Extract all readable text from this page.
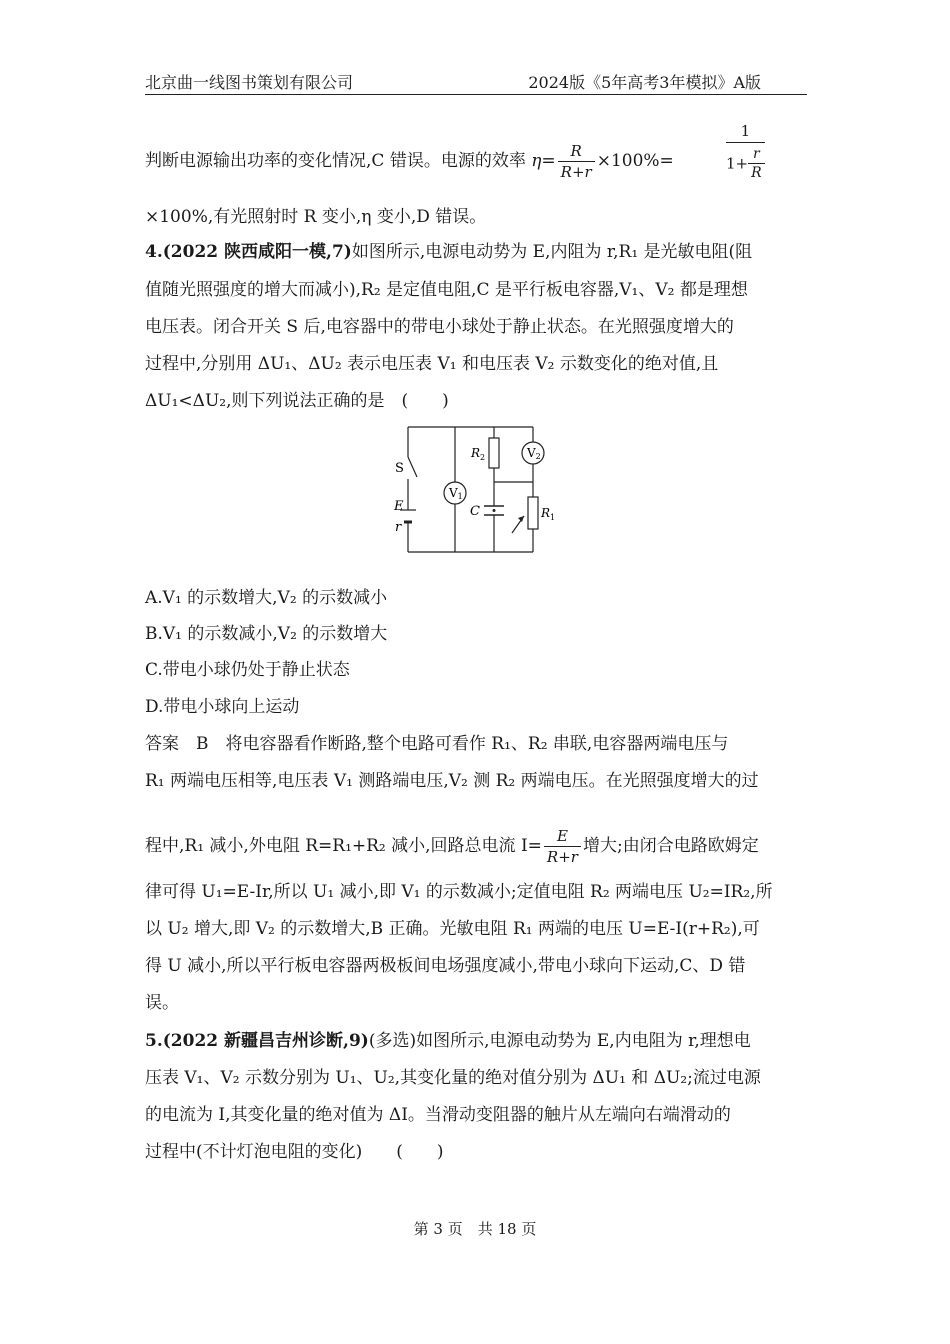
北京曲一线图书策划有限公司	2024版《5年高考3年模拟》A版
判断电源输出功率的变化情况,C 错误。电源的效率 $\eta= \frac{R}{R+r} \times 100\%=$
1
$1+ \frac{r}{R}$
×100%,有光照射时 R 变小,η 变小,D 错误。
4.(2022 陕西咸阳一模,7)如图所示,电源电动势为 E,内阻为 r,R₁ 是光敏电阻(阻
值随光照强度的增大而减小),R₂ 是定值电阻,C 是平行板电容器,V₁、V₂ 都是理想
电压表。闭合开关 S 后,电容器中的带电小球处于静止状态。在光照强度增大的
过程中,分别用 ΔU₁、ΔU₂ 表示电压表 V₁ 和电压表 V₂ 示数变化的绝对值,且
ΔU₁<ΔU₂,则下列说法正确的是　(　　)
S
E
r
V1
V2
$R_2$
C	$R_1$
A.V₁ 的示数增大,V₂ 的示数减小
B.V₁ 的示数减小,V₂ 的示数增大
C.带电小球仍处于静止状态
D.带电小球向上运动
答案　B　将电容器看作断路,整个电路可看作 R₁、R₂ 串联,电容器两端电压与
R₁ 两端电压相等,电压表 V₁ 测路端电压,V₂ 测 R₂ 两端电压。在光照强度增大的过
程中,R₁ 减小,外电阻 R=R₁+R₂ 减小,回路总电流 $I= \frac{E}{R+r}$ 增大;由闭合电路欧姆定
律可得 U₁=E-Ir,所以 U₁ 减小,即 V₁ 的示数减小;定值电阻 R₂ 两端电压 U₂=IR₂,所
以 U₂ 增大,即 V₂ 的示数增大,B 正确。光敏电阻 R₁ 两端的电压 U=E-I(r+R₂),可
得 U 减小,所以平行板电容器两极板间电场强度减小,带电小球向下运动,C、D 错
误。
5.(2022 新疆昌吉州诊断,9)(多选)如图所示,电源电动势为 E,内电阻为 r,理想电
压表 V₁、V₂ 示数分别为 U₁、U₂,其变化量的绝对值分别为 ΔU₁ 和 ΔU₂;流过电源
的电流为 I,其变化量的绝对值为 ΔI。当滑动变阻器的触片从左端向右端滑动的
过程中(不计灯泡电阻的变化)　　(　　)
第 3 页　共 18 页
